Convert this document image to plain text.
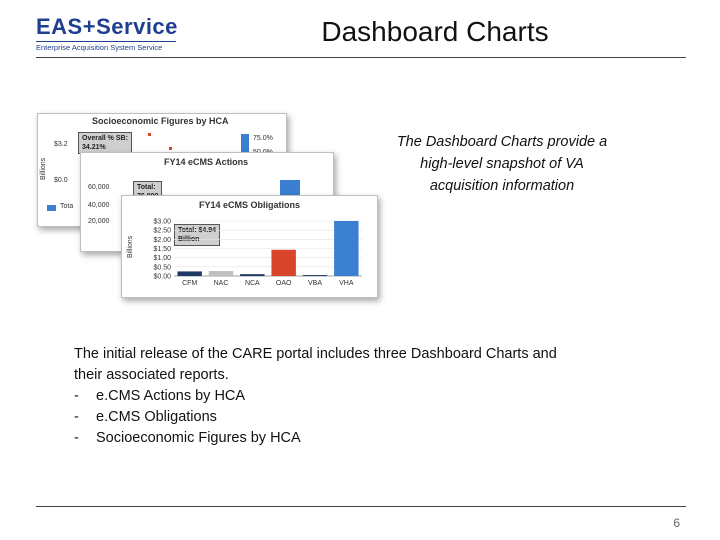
EAS+Service
Enterprise Acquisition System Service
Dashboard Charts
Socioeconomic Figures by HCA
Overall % SB:
34.21%
$3.2
$0.0
Billions
75.0%
Tota
FY14 eCMS Actions
Total:
60,000
40,000
20,000
FY14 eCMS Obligations
Billions
Total: $4.94
Billion
$3.00
$2.50
$2.00
$1.50
$1.00
$0.50
$0.00
CFM NAC NCA OAO VBA VHA
The Dashboard Charts provide a
high-level snapshot of VA
acquisition information
The initial release of the CARE portal includes three Dashboard Charts and
their associated reports.
-	e.CMS Actions by HCA
-	e.CMS Obligations
-	Socioeconomic Figures by HCA
6
